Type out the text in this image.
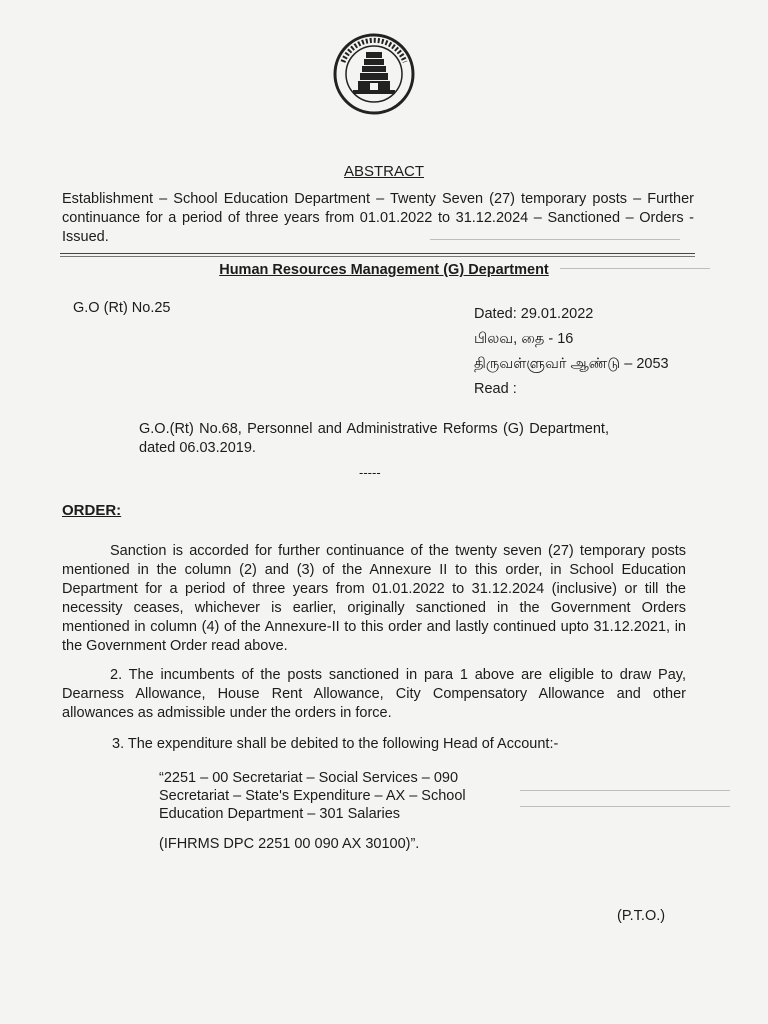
ABSTRACT
Establishment – School Education Department – Twenty Seven (27) temporary posts – Further continuance for a period of three years from 01.01.2022 to 31.12.2024 – Sanctioned – Orders - Issued.
Human Resources Management (G) Department
G.O (Rt) No.25	Dated: 29.01.2022
பிலவ, தை - 16
திருவள்ளுவர் ஆண்டு – 2053
Read :
G.O.(Rt) No.68, Personnel and Administrative Reforms (G) Department, dated 06.03.2019.
-----
ORDER:
Sanction is accorded for further continuance of the twenty seven (27) temporary posts mentioned in the column (2) and (3) of the Annexure II to this order, in School Education Department for a period of three years from 01.01.2022 to 31.12.2024 (inclusive) or till the necessity ceases, whichever is earlier, originally sanctioned in the Government Orders mentioned in column (4) of the Annexure-II to this order and lastly continued upto 31.12.2021, in the Government Order read above.
2. The incumbents of the posts sanctioned in para 1 above are eligible to draw Pay, Dearness Allowance, House Rent Allowance, City Compensatory Allowance and other allowances as admissible under the orders in force.
3. The expenditure shall be debited to the following Head of Account:-
“2251 – 00 Secretariat – Social Services – 090
Secretariat – State's Expenditure – AX – School
Education Department – 301 Salaries
(IFHRMS DPC 2251 00 090 AX 30100)”.
(P.T.O.)
